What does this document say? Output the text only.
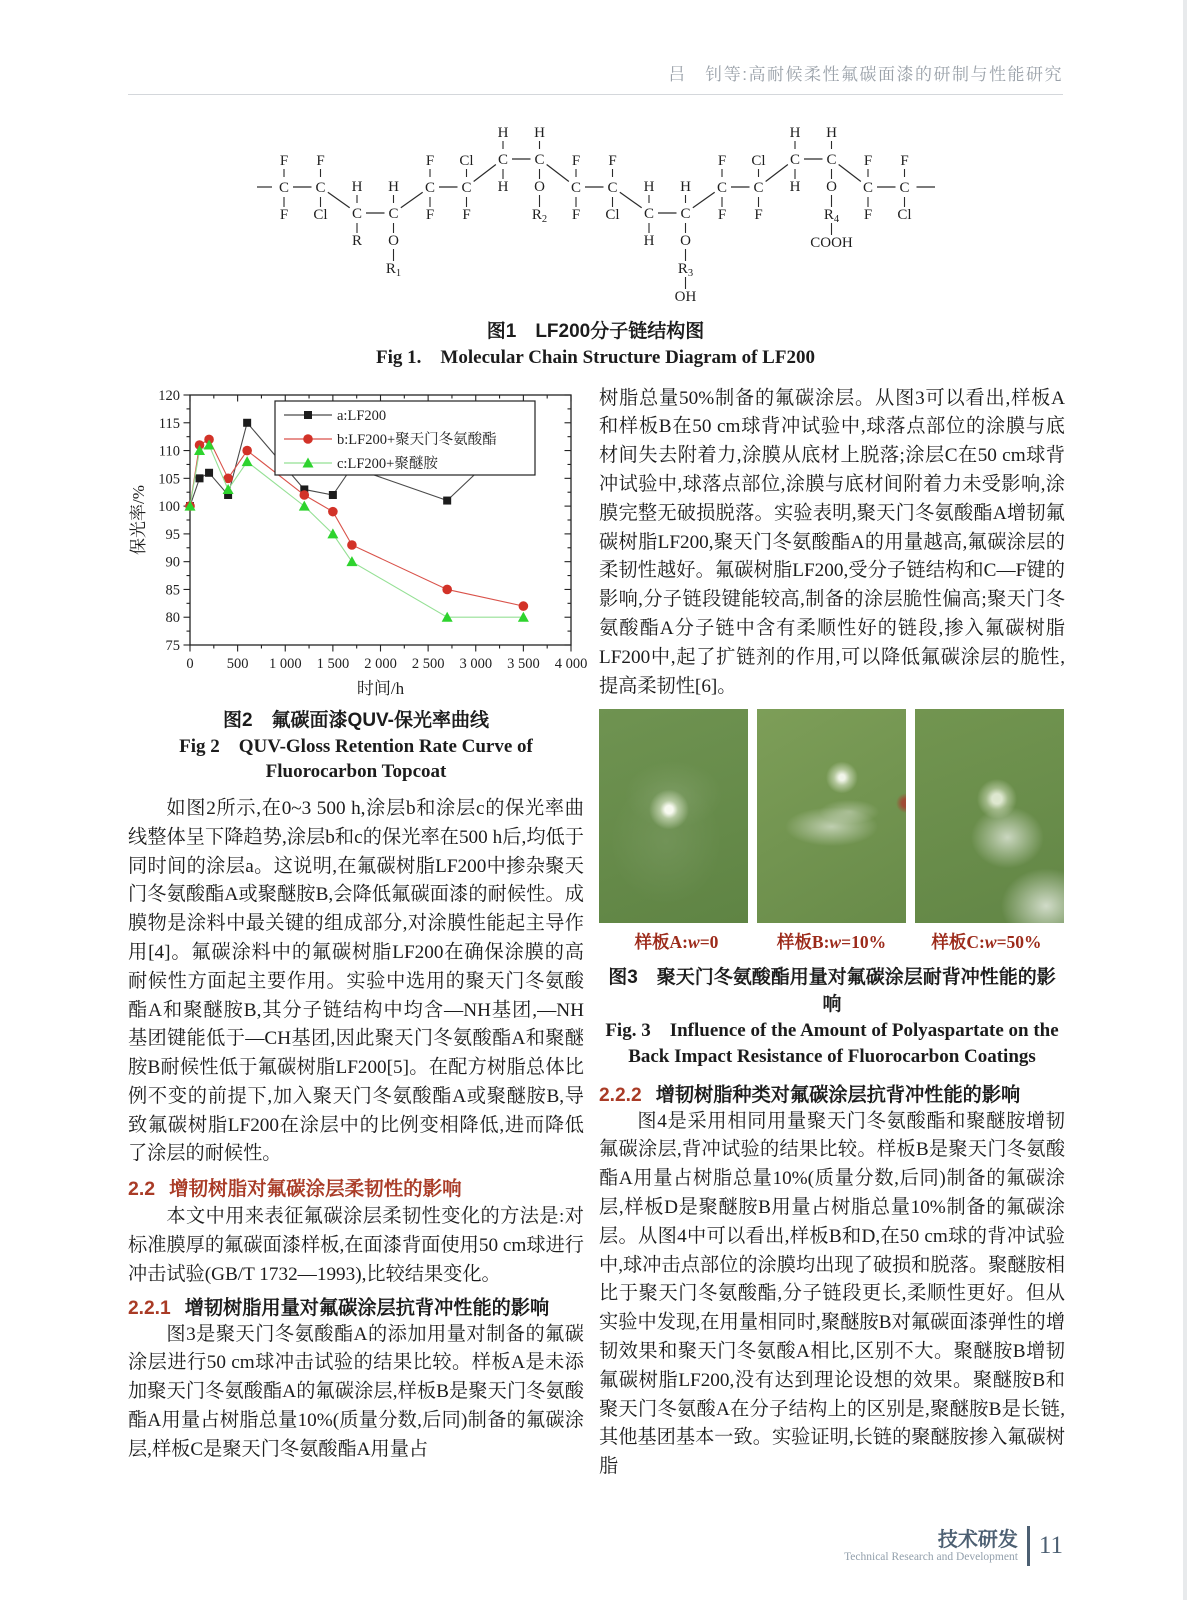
吕　钊等:高耐候柔性氟碳面漆的研制与性能研究
C
F
F
C
F
Cl C
H
R
C
H
O
$R_1$
C
F
F
C
Cl
F
C
H
H
C
H
O
$R_2$
C
F
F
C
F
Cl C
H
H
C
H
O
$R_3$
OH
C
F
F
C
Cl
F
C
H
H
C
H
O
$R_4$
COOH
C
F
F
C
F
Cl
图1　LF200分子链结构图
Fig 1.　Molecular Chain Structure Diagram of LF200
0 500 1 000 1 500 2 000 2 500 3 000 3 500 4 000
75
80
85
90
95
100
105
110
115
120
时间/h
保光率/%
a:LF200
b:LF200+聚天门冬氨酸酯
c:LF200+聚醚胺
图2　氟碳面漆QUV-保光率曲线
Fig 2　QUV-Gloss Retention Rate Curve of Fluorocarbon Topcoat

如图2所示,在0~3 500 h,涂层b和涂层c的保光率曲线整体呈下降趋势,涂层b和c的保光率在500 h后,均低于同时间的涂层a。这说明,在氟碳树脂LF200中掺杂聚天门冬氨酸酯A或聚醚胺B,会降低氟碳面漆的耐候性。成膜物是涂料中最关键的组成部分,对涂膜性能起主导作用[4]。氟碳涂料中的氟碳树脂LF200在确保涂膜的高耐候性方面起主要作用。实验中选用的聚天门冬氨酸酯A和聚醚胺B,其分子链结构中均含—NH基团,—NH基团键能低于—CH基团,因此聚天门冬氨酸酯A和聚醚胺B耐候性低于氟碳树脂LF200[5]。在配方树脂总体比例不变的前提下,加入聚天门冬氨酸酯A或聚醚胺B,导致氟碳树脂LF200在涂层中的比例变相降低,进而降低了涂层的耐候性。

2.2 增韧树脂对氟碳涂层柔韧性的影响

本文中用来表征氟碳涂层柔韧性变化的方法是:对标准膜厚的氟碳面漆样板,在面漆背面使用50 cm球进行冲击试验(GB/T 1732—1993),比较结果变化。

2.2.1 增韧树脂用量对氟碳涂层抗背冲性能的影响

图3是聚天门冬氨酸酯A的添加用量对制备的氟碳涂层进行50 cm球冲击试验的结果比较。样板A是未添加聚天门冬氨酸酯A的氟碳涂层,样板B是聚天门冬氨酸酯A用量占树脂总量10%(质量分数,后同)制备的氟碳涂层,样板C是聚天门冬氨酸酯A用量占

树脂总量50%制备的氟碳涂层。从图3可以看出,样板A和样板B在50 cm球背冲试验中,球落点部位的涂膜与底材间失去附着力,涂膜从底材上脱落;涂层C在50 cm球背冲试验中,球落点部位,涂膜与底材间附着力未受影响,涂膜完整无破损脱落。实验表明,聚天门冬氨酸酯A增韧氟碳树脂LF200,聚天门冬氨酸酯A的用量越高,氟碳涂层的柔韧性越好。氟碳树脂LF200,受分子链结构和C—F键的影响,分子链段键能较高,制备的涂层脆性偏高;聚天门冬氨酸酯A分子链中含有柔顺性好的链段,掺入氟碳树脂LF200中,起了扩链剂的作用,可以降低氟碳涂层的脆性,提高柔韧性[6]。

样板A:w=0	样板B:w=10%	样板C:w=50%
图3　聚天门冬氨酸酯用量对氟碳涂层耐背冲性能的影响
Fig. 3　Influence of the Amount of Polyaspartate on the Back Impact Resistance of Fluorocarbon Coatings
2.2.2 增韧树脂种类对氟碳涂层抗背冲性能的影响

图4是采用相同用量聚天门冬氨酸酯和聚醚胺增韧氟碳涂层,背冲试验的结果比较。样板B是聚天门冬氨酸酯A用量占树脂总量10%(质量分数,后同)制备的氟碳涂层,样板D是聚醚胺B用量占树脂总量10%制备的氟碳涂层。从图4中可以看出,样板B和D,在50 cm球的背冲试验中,球冲击点部位的涂膜均出现了破损和脱落。聚醚胺相比于聚天门冬氨酸酯,分子链段更长,柔顺性更好。但从实验中发现,在用量相同时,聚醚胺B对氟碳面漆弹性的增韧效果和聚天门冬氨酸A相比,区别不大。聚醚胺B增韧氟碳树脂LF200,没有达到理论设想的效果。聚醚胺B和聚天门冬氨酸A在分子结构上的区别是,聚醚胺B是长链,其他基团基本一致。实验证明,长链的聚醚胺掺入氟碳树脂

技术研发
Technical Research and Development 11
